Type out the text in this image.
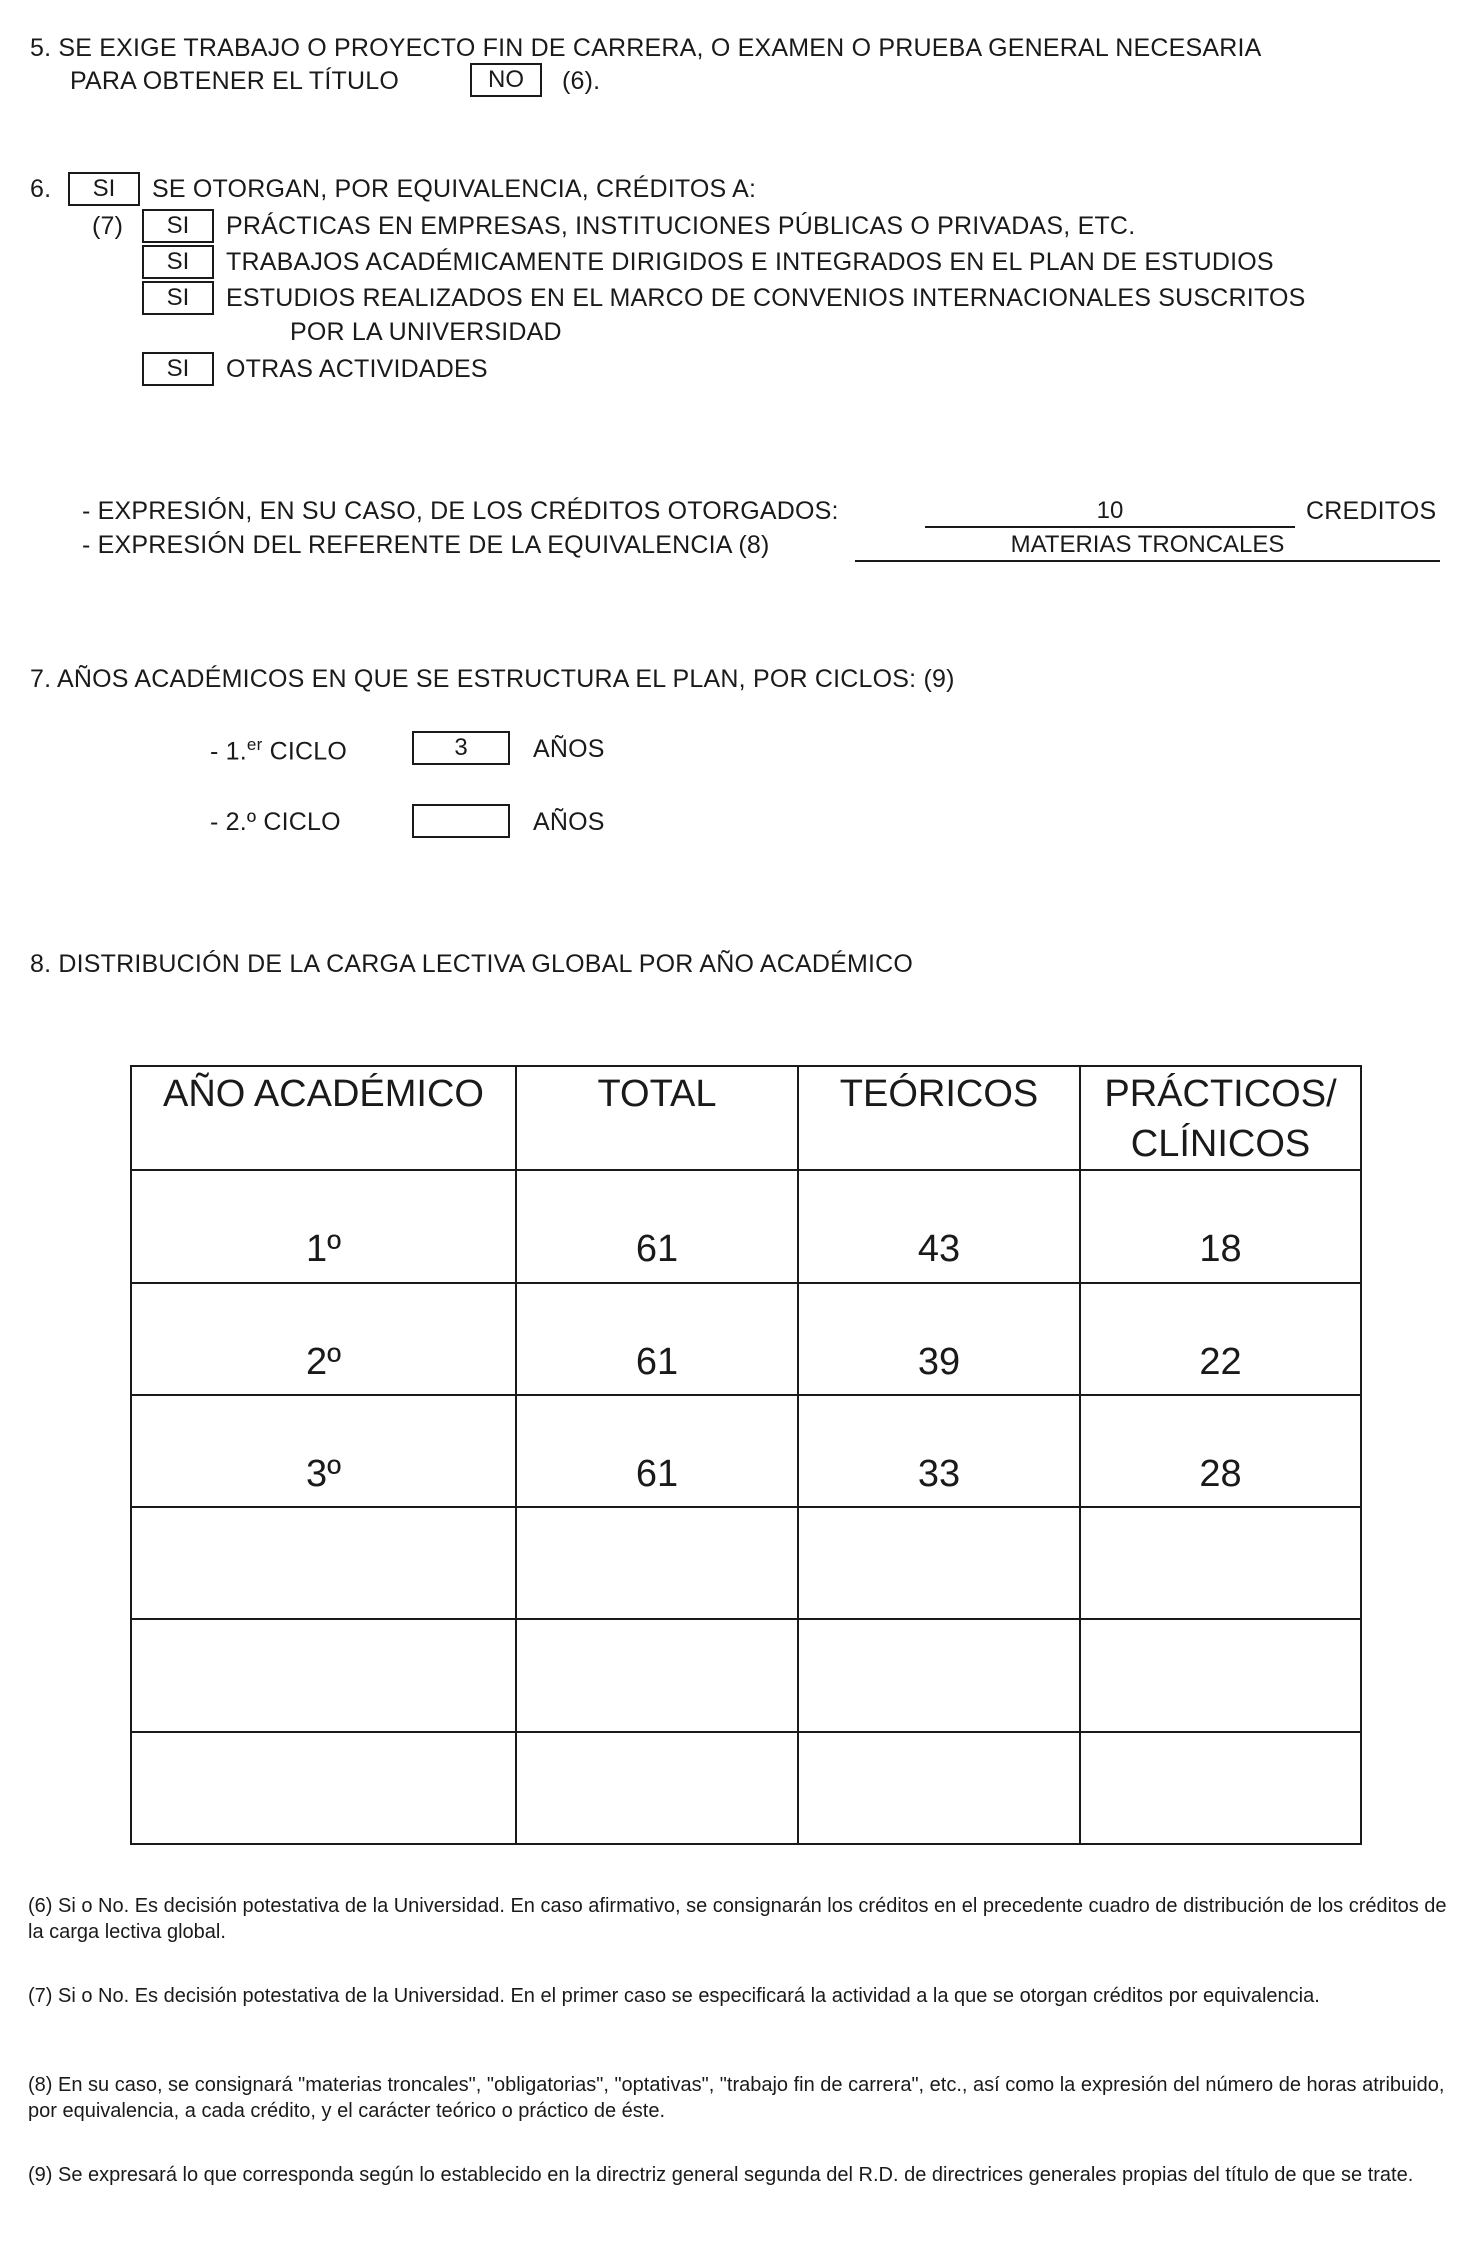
5. SE EXIGE TRABAJO O PROYECTO FIN DE CARRERA, O EXAMEN O PRUEBA GENERAL NECESARIA
PARA OBTENER EL TÍTULO	NO	(6).
6.	SI	SE OTORGAN, POR EQUIVALENCIA, CRÉDITOS A:
(7)	SI	PRÁCTICAS EN EMPRESAS, INSTITUCIONES PÚBLICAS O PRIVADAS, ETC.
SI	TRABAJOS ACADÉMICAMENTE DIRIGIDOS E INTEGRADOS EN EL PLAN DE ESTUDIOS
SI	ESTUDIOS REALIZADOS EN EL MARCO DE CONVENIOS INTERNACIONALES SUSCRITOS
POR LA UNIVERSIDAD
SI	OTRAS ACTIVIDADES
- EXPRESIÓN, EN SU CASO, DE LOS CRÉDITOS OTORGADOS:	10	CREDITOS
- EXPRESIÓN DEL REFERENTE DE LA EQUIVALENCIA (8)	MATERIAS TRONCALES
7. AÑOS ACADÉMICOS EN QUE SE ESTRUCTURA EL PLAN, POR CICLOS: (9)
- 1.$^{er}$ CICLO	3	AÑOS
- 2.º CICLO	AÑOS
8. DISTRIBUCIÓN DE LA CARGA LECTIVA GLOBAL POR AÑO ACADÉMICO
AÑO ACADÉMICO	TOTAL	TEÓRICOS	PRÁCTICOS/ CLÍNICOS
1º	61	43	18
2º	61	39	22
3º	61	33	28

(6) Si o No. Es decisión potestativa de la Universidad. En caso afirmativo, se consignarán los créditos en el precedente cuadro de distribución de los créditos de la carga lectiva global.
(7) Si o No. Es decisión potestativa de la Universidad. En el primer caso se especificará la actividad a la que se otorgan créditos por equivalencia.
(8) En su caso, se consignará "materias troncales", "obligatorias", "optativas", "trabajo fin de carrera", etc., así como la expresión del número de horas atribuido, por equivalencia, a cada crédito, y el carácter teórico o práctico de éste.
(9) Se expresará lo que corresponda según lo establecido en la directriz general segunda del R.D. de directrices generales propias del título de que se trate.
